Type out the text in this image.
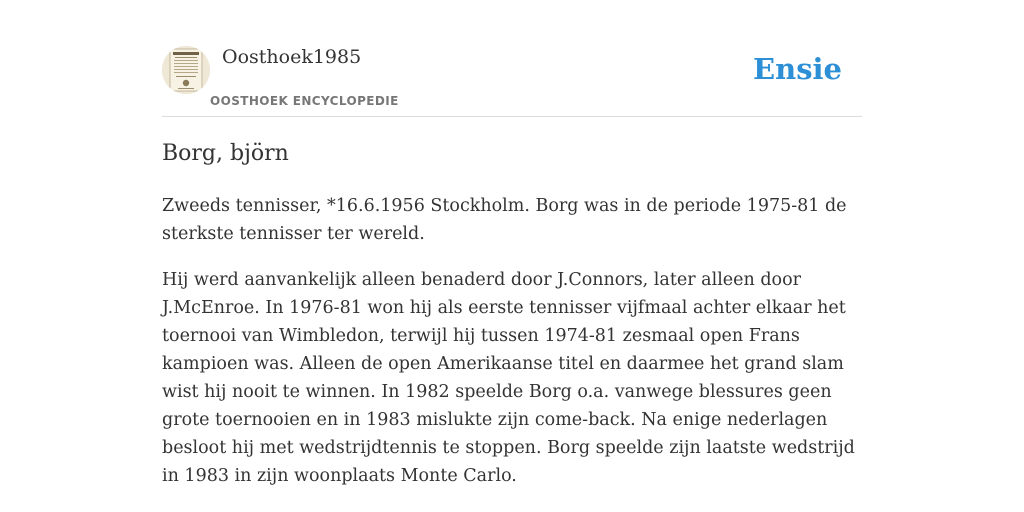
Oosthoek1985
OOSTHOEK ENCYCLOPEDIE
Ensie
Borg, björn

Zweeds tennisser, *16.6.1956 Stockholm. Borg was in de periode 1975-81 de sterkste tennisser ter wereld.

Hij werd aanvankelijk alleen benaderd door J.Connors, later alleen door J.McEnroe. In 1976-81 won hij als eerste tennisser vijfmaal achter elkaar het toernooi van Wimbledon, terwijl hij tussen 1974-81 zesmaal open Frans kampioen was. Alleen de open Amerikaanse titel en daarmee het grand slam wist hij nooit te winnen. In 1982 speelde Borg o.a. vanwege blessures geen grote toernooien en in 1983 mislukte zijn come-back. Na enige nederlagen besloot hij met wedstrijdtennis te stoppen. Borg speelde zijn laatste wedstrijd in 1983 in zijn woonplaats Monte Carlo.
